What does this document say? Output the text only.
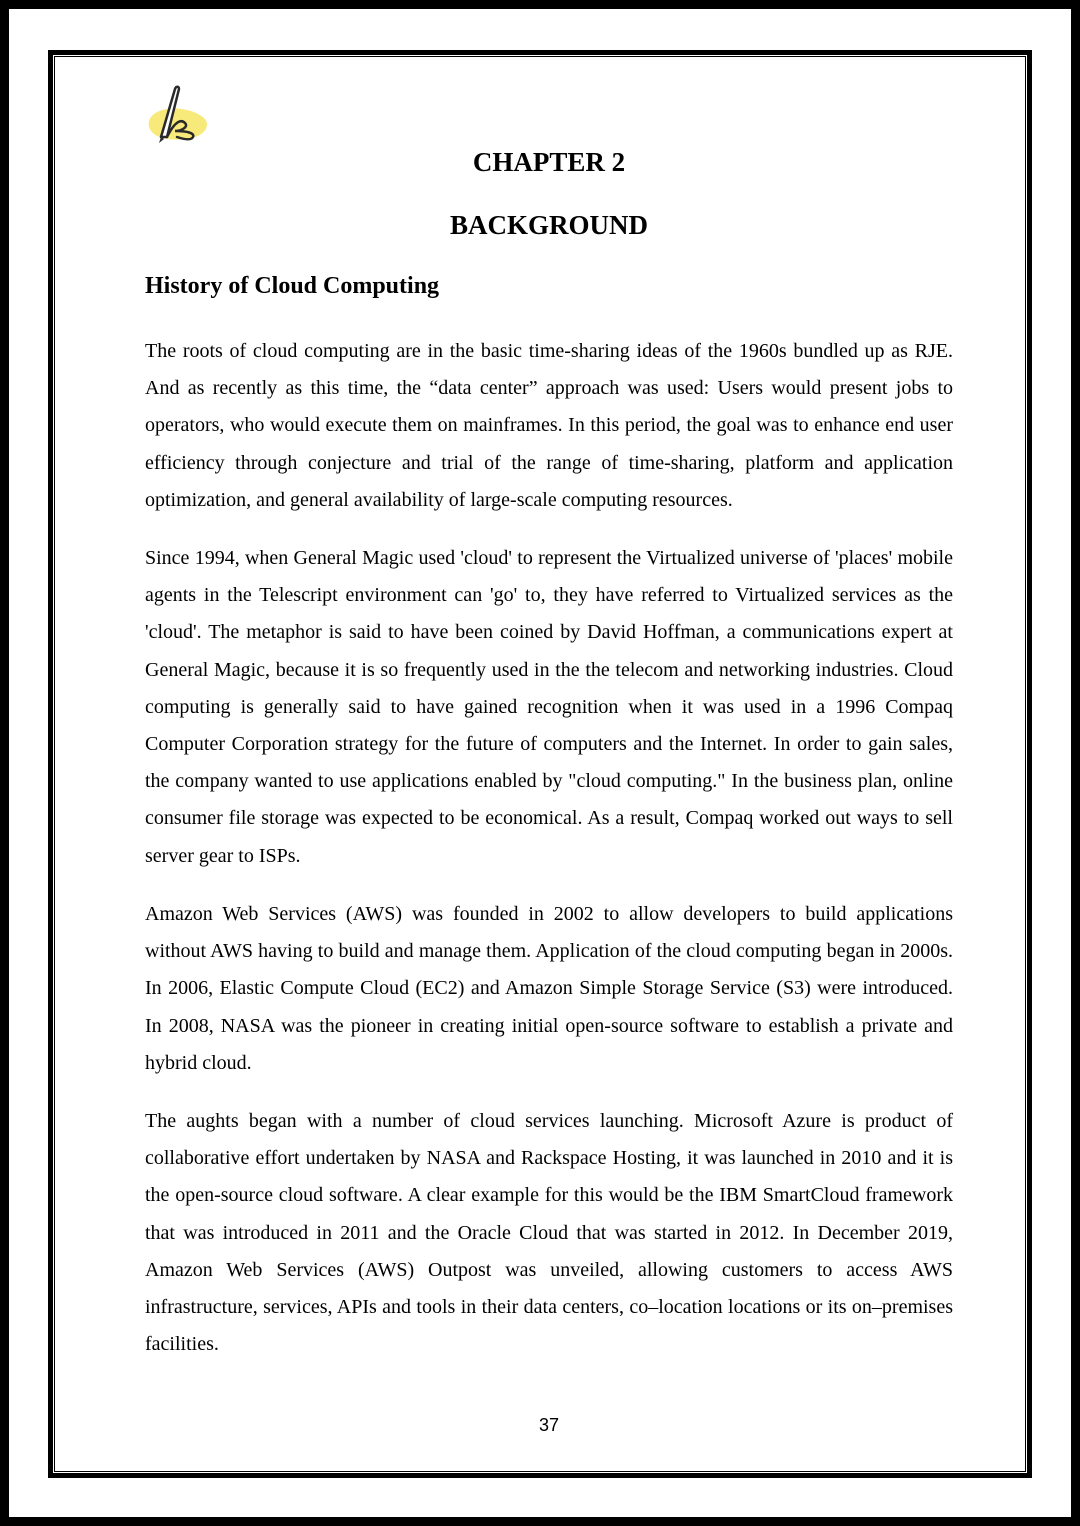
CHAPTER 2
BACKGROUND
History of Cloud Computing

The roots of cloud computing are in the basic time-sharing ideas of the 1960s bundled up as RJE. And as recently as this time, the “data center” approach was used: Users would present jobs to operators, who would execute them on mainframes. In this period, the goal was to enhance end user efficiency through conjecture and trial of the range of time-sharing, platform and application optimization, and general availability of large-scale computing resources.

Since 1994, when General Magic used 'cloud' to represent the Virtualized universe of 'places' mobile agents in the Telescript environment can 'go' to, they have referred to Virtualized services as the 'cloud'. The metaphor is said to have been coined by David Hoffman, a communications expert at General Magic, because it is so frequently used in the the telecom and networking industries. Cloud computing is generally said to have gained recognition when it was used in a 1996 Compaq Computer Corporation strategy for the future of computers and the Internet. In order to gain sales, the company wanted to use applications enabled by "cloud computing." In the business plan, online consumer file storage was expected to be economical. As a result, Compaq worked out ways to sell server gear to ISPs.

Amazon Web Services (AWS) was founded in 2002 to allow developers to build applications without AWS having to build and manage them. Application of the cloud computing began in 2000s. In 2006, Elastic Compute Cloud (EC2) and Amazon Simple Storage Service (S3) were introduced. In 2008, NASA was the pioneer in creating initial open-source software to establish a private and hybrid cloud.

The aughts began with a number of cloud services launching. Microsoft Azure is product of collaborative effort undertaken by NASA and Rackspace Hosting, it was launched in 2010 and it is the open-source cloud software. A clear example for this would be the IBM SmartCloud framework that was introduced in 2011 and the Oracle Cloud that was started in 2012. In December 2019, Amazon Web Services (AWS) Outpost was unveiled, allowing customers to access AWS infrastructure, services, APIs and tools in their data centers, co–location locations or its on–premises facilities.

37
